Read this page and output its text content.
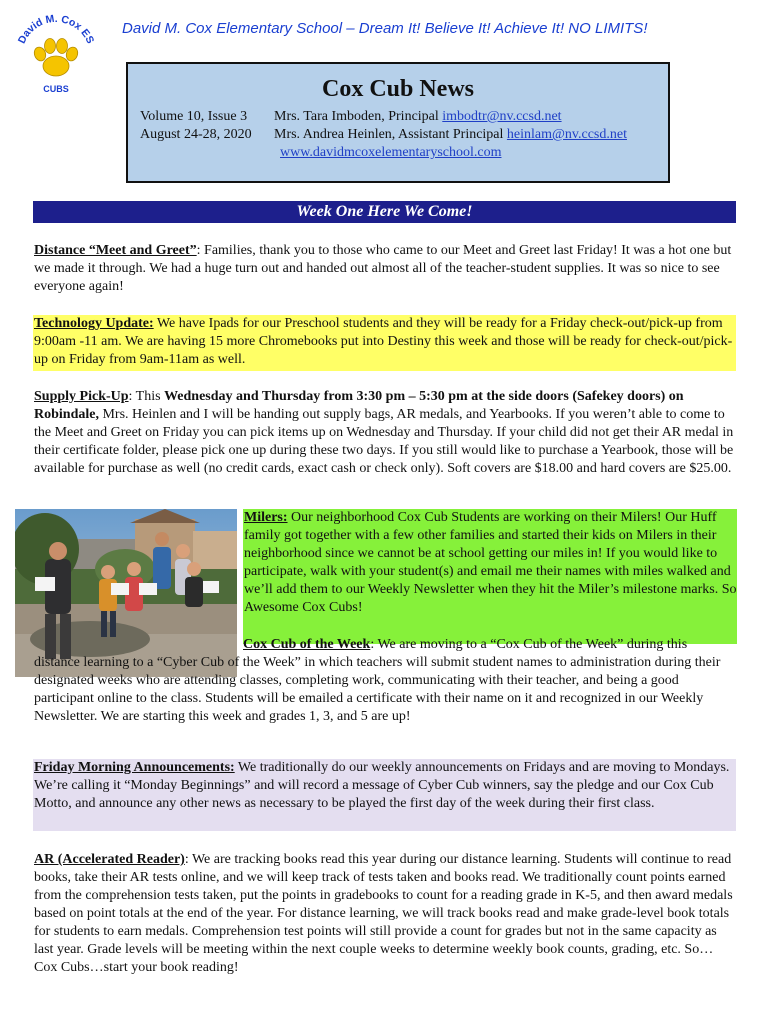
David M. Cox ES
CUBS
David M. Cox Elementary School – Dream It! Believe It! Achieve It! NO LIMITS!
Cox Cub News
Volume 10, Issue 3 Mrs. Tara Imboden, Principal imbodtr@nv.ccsd.net
August 24-28, 2020 Mrs. Andrea Heinlen, Assistant Principal heinlam@nv.ccsd.net
www.davidmcoxelementaryschool.com
Week One Here We Come!
Distance “Meet and Greet”: Families, thank you to those who came to our Meet and Greet last Friday! It was a hot one but we made it through. We had a huge turn out and handed out almost all of the teacher-student supplies. It was so nice to see everyone again!
Technology Update: We have Ipads for our Preschool students and they will be ready for a Friday check-out/pick-up from 9:00am -11 am. We are having 15 more Chromebooks put into Destiny this week and those will be ready for check-out/pick-up on Friday from 9am-11am as well.
Supply Pick-Up: This Wednesday and Thursday from 3:30 pm – 5:30 pm at the side doors (Safekey doors) on Robindale, Mrs. Heinlen and I will be handing out supply bags, AR medals, and Yearbooks. If you weren’t able to come to the Meet and Greet on Friday you can pick items up on Wednesday and Thursday. If your child did not get their AR medal in their certificate folder, please pick one up during these two days. If you still would like to purchase a Yearbook, those will be available for purchase as well (no credit cards, exact cash or check only). Soft covers are $18.00 and hard covers are $25.00.
Milers: Our neighborhood Cox Cub Students are working on their Milers! Our Huff family got together with a few other families and started their kids on Milers in their neighborhood since we cannot be at school getting our miles in! If you would like to participate, walk with your student(s) and email me their names with miles walked and we’ll add them to our Weekly Newsletter when they hit the Miler’s milestone marks. So Awesome Cox Cubs!
Cox Cub of the Week: We are moving to a “Cox Cub of the Week” during this distance learning to a “Cyber Cub of the Week” in which teachers will submit student names to administration during their designated weeks who are attending classes, completing work, communicating with their teacher, and being a good participant online to the class. Students will be emailed a certificate with their name on it and recognized in our Weekly Newsletter. We are starting this week and grades 1, 3, and 5 are up!
Friday Morning Announcements: We traditionally do our weekly announcements on Fridays and are moving to Mondays. We’re calling it “Monday Beginnings” and will record a message of Cyber Cub winners, say the pledge and our Cox Cub Motto, and announce any other news as necessary to be played the first day of the week during their first class.
AR (Accelerated Reader): We are tracking books read this year during our distance learning. Students will continue to read books, take their AR tests online, and we will keep track of tests taken and books read. We traditionally count points earned from the comprehension tests taken, put the points in gradebooks to count for a reading grade in K-5, and then award medals based on point totals at the end of the year. For distance learning, we will track books read and make grade-level book totals for students to earn medals. Comprehension test points will still provide a count for grades but not in the same capacity as last year. Grade levels will be meeting within the next couple weeks to determine weekly book counts, grading, etc. So…Cox Cubs…start your book reading!
